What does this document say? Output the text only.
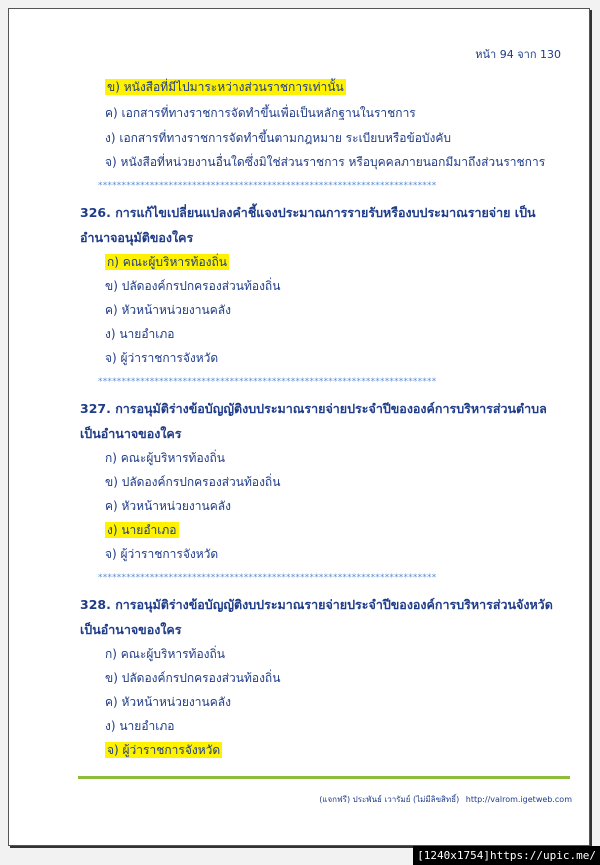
หน้า 94 จาก 130
ข) หนังสือที่มีไปมาระหว่างส่วนราชการเท่านั้น
ค) เอกสารที่ทางราชการจัดทำขึ้นเพื่อเป็นหลักฐานในราชการ
ง) เอกสารที่ทางราชการจัดทำขึ้นตามกฎหมาย ระเบียบหรือข้อบังคับ
จ) หนังสือที่หน่วยงานอื่นใดซึ่งมิใช่ส่วนราชการ หรือบุคคลภายนอกมีมาถึงส่วนราชการ
************************************************************************
326. การแก้ไขเปลี่ยนแปลงคำชี้แจงประมาณการรายรับหรืองบประมาณรายจ่าย เป็น
อำนาจอนุมัติของใคร
ก) คณะผู้บริหารท้องถิ่น
ข) ปลัดองค์กรปกครองส่วนท้องถิ่น
ค) หัวหน้าหน่วยงานคลัง
ง) นายอำเภอ
จ) ผู้ว่าราชการจังหวัด
************************************************************************
327. การอนุมัติร่างข้อบัญญัติงบประมาณรายจ่ายประจำปีขององค์การบริหารส่วนตำบล
เป็นอำนาจของใคร
ก) คณะผู้บริหารท้องถิ่น
ข) ปลัดองค์กรปกครองส่วนท้องถิ่น
ค) หัวหน้าหน่วยงานคลัง
ง) นายอำเภอ
จ) ผู้ว่าราชการจังหวัด
************************************************************************
328. การอนุมัติร่างข้อบัญญัติงบประมาณรายจ่ายประจำปีขององค์การบริหารส่วนจังหวัด
เป็นอำนาจของใคร
ก) คณะผู้บริหารท้องถิ่น
ข) ปลัดองค์กรปกครองส่วนท้องถิ่น
ค) หัวหน้าหน่วยงานคลัง
ง) นายอำเภอ
จ) ผู้ว่าราชการจังหวัด
(แจกฟรี) ประพันธ์ เวารัมย์ (ไม่มีลิขสิทธิ์) http://valrom.igetweb.com
[1240x1754]https://upic.me/
